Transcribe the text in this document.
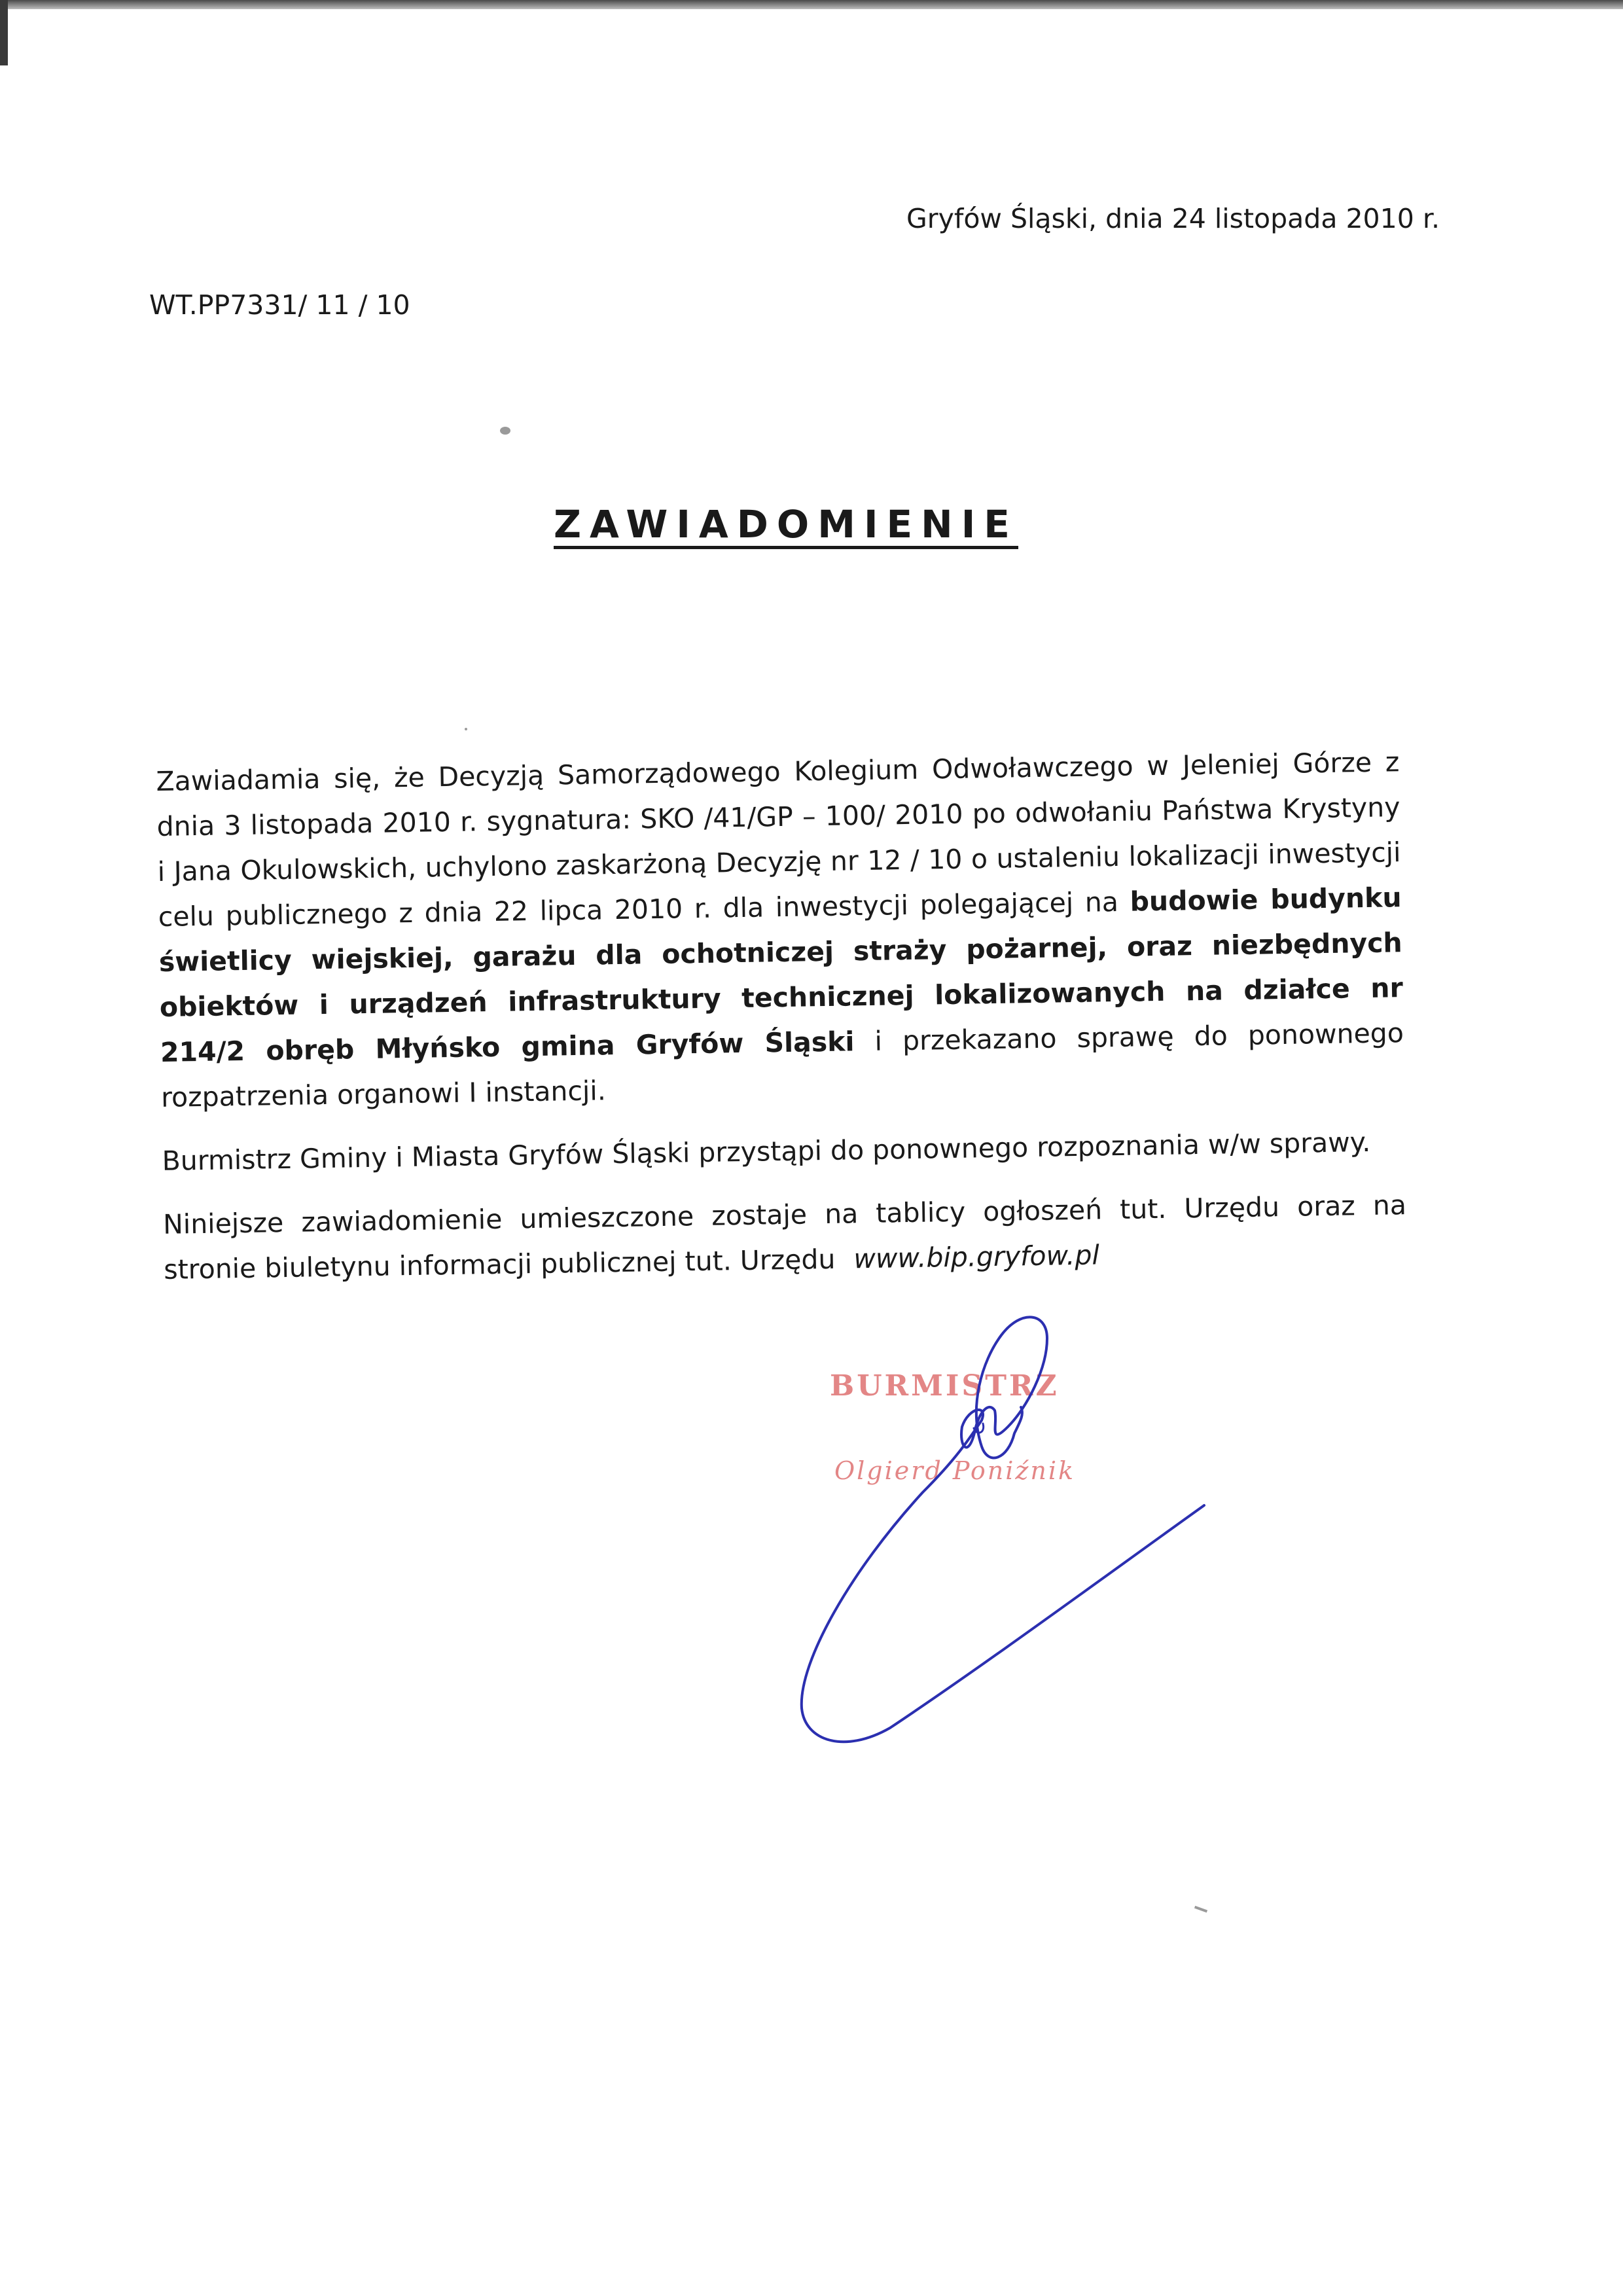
Gryfów Śląski, dnia 24 listopada 2010 r.
WT.PP7331/ 11 / 10
ZAWIADOMIENIE

Zawiadamia się, że Decyzją Samorządowego Kolegium Odwoławczego w Jeleniej Górze z dnia 3 listopada 2010 r. sygnatura: SKO /41/GP – 100/ 2010 po odwołaniu Państwa Krystyny i Jana Okulowskich, uchylono zaskarżoną Decyzję nr 12 / 10 o ustaleniu lokalizacji inwestycji celu publicznego z dnia 22 lipca 2010 r. dla inwestycji polegającej na budowie budynku świetlicy wiejskiej, garażu dla ochotniczej straży pożarnej, oraz niezbędnych obiektów i urządzeń infrastruktury technicznej lokalizowanych na działce nr 214/2 obręb Młyńsko gmina Gryfów Śląski i przekazano sprawę do ponownego rozpatrzenia organowi I instancji.

Burmistrz Gminy i Miasta Gryfów Śląski przystąpi do ponownego rozpoznania w/w sprawy.

Niniejsze zawiadomienie umieszczone zostaje na tablicy ogłoszeń tut. Urzędu oraz na stronie biuletynu informacji publicznej tut. Urzędu www.bip.gryfow.pl

BURMISTRZ
Olgierd Poniźnik
